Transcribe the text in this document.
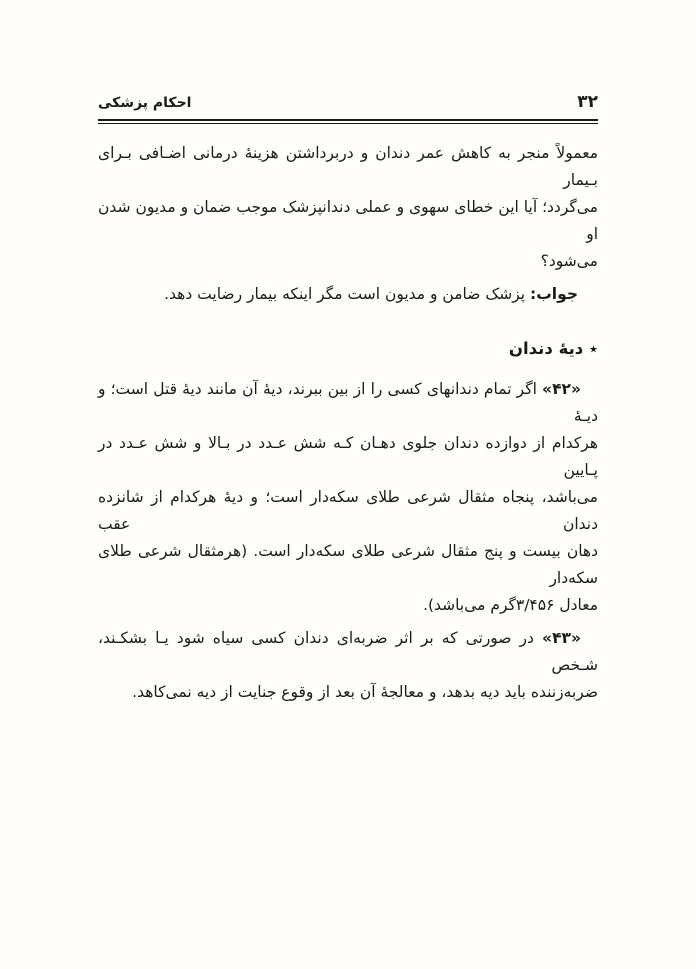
۳۲
احکام پزشکی

معمولاً منجر به کاهش عمر دندان و دربرداشتن هزینهٔ درمانی اضـافی بـرای بـیمار
می‌گردد؛ آیا این خطای سهوی و عملی دندانپزشک موجب ضمان و مدیون شدن او
می‌شود؟

جواب: پزشک ضامن و مدیون است مگر اینکه بیمار رضایت دهد.

٭ دیهٔ دندان

«۴۲» اگر تمام دندانهای کسی را از بین ببرند، دیهٔ آن مانند دیهٔ قتل است؛ و دیـهٔ
هرکدام از دوازده دندان جلوی دهـان کـه شش عـدد در بـالا و شش عـدد در پـایین
می‌باشد، پنجاه مثقال شرعی طلای سکه‌دار است؛ و دیهٔ هرکدام از شانزده دندان عقب
دهان بیست و پنج مثقال شرعی طلای سکه‌دار است. (هرمثقال شرعی طلای سکه‌دار
معادل ۳/۴۵۶گرم می‌باشد).

«۴۳» در صورتی که بر اثر ضربه‌ای دندان کسی سیاه شود یـا بشکـند، شـخص
ضربه‌زننده باید دیه بدهد، و معالجهٔ آن بعد از وقوع جنایت از دیه نمی‌کاهد.
